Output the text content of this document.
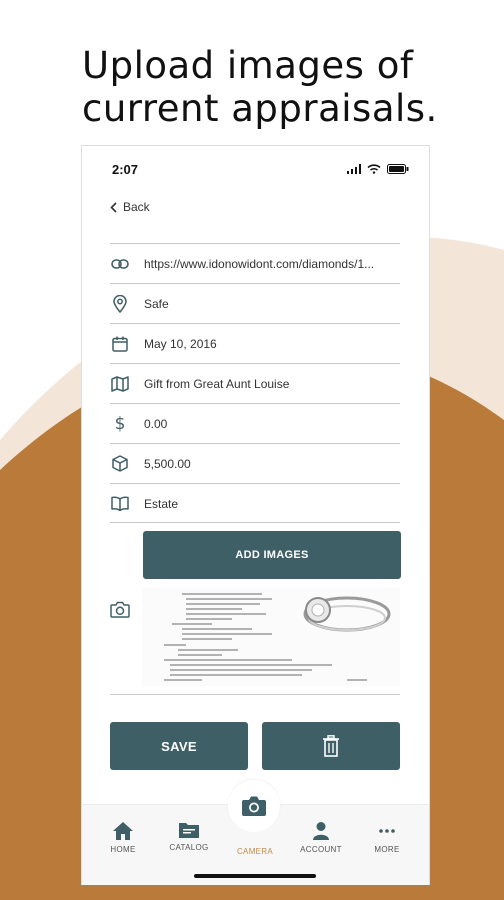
Upload images of
current appraisals.
2:07
Back
https://www.idonowidont.com/diamonds/1...
Safe
May 10, 2016
Gift from Great Aunt Louise
$	0.00
5,500.00
Estate
ADD IMAGES
SAVE
HOME	CATALOG	CAMERA	ACCOUNT	MORE
